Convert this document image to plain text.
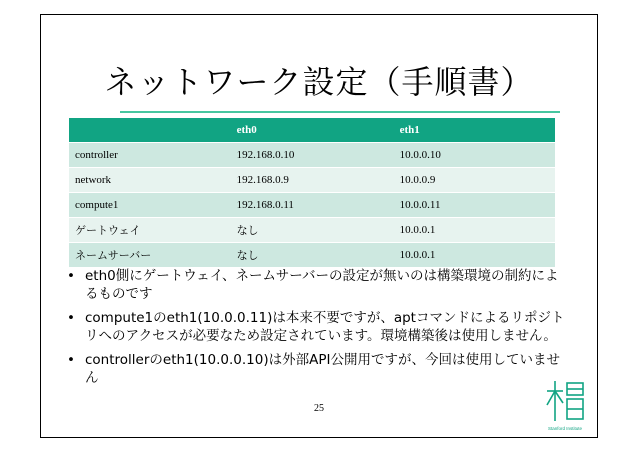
ネットワーク設定（手順書）
	eth0	eth1
controller	192.168.0.10	10.0.0.10
network	192.168.0.9	10.0.0.9
compute1	192.168.0.11	10.0.0.11
ゲートウェイ	なし	10.0.0.1
ネームサーバー	なし	10.0.0.1
• eth0側にゲートウェイ、ネームサーバーの設定が無いのは構築環境の制約によるものです
• compute1のeth1(10.0.0.11)は本来不要ですが、aptコマンドによるリポジトリへのアクセスが必要なため設定されています。環境構築後は使用しません。
• controllerのeth1(10.0.0.10)は外部API公開用ですが、今回は使用していません
25
Stanford Institute
